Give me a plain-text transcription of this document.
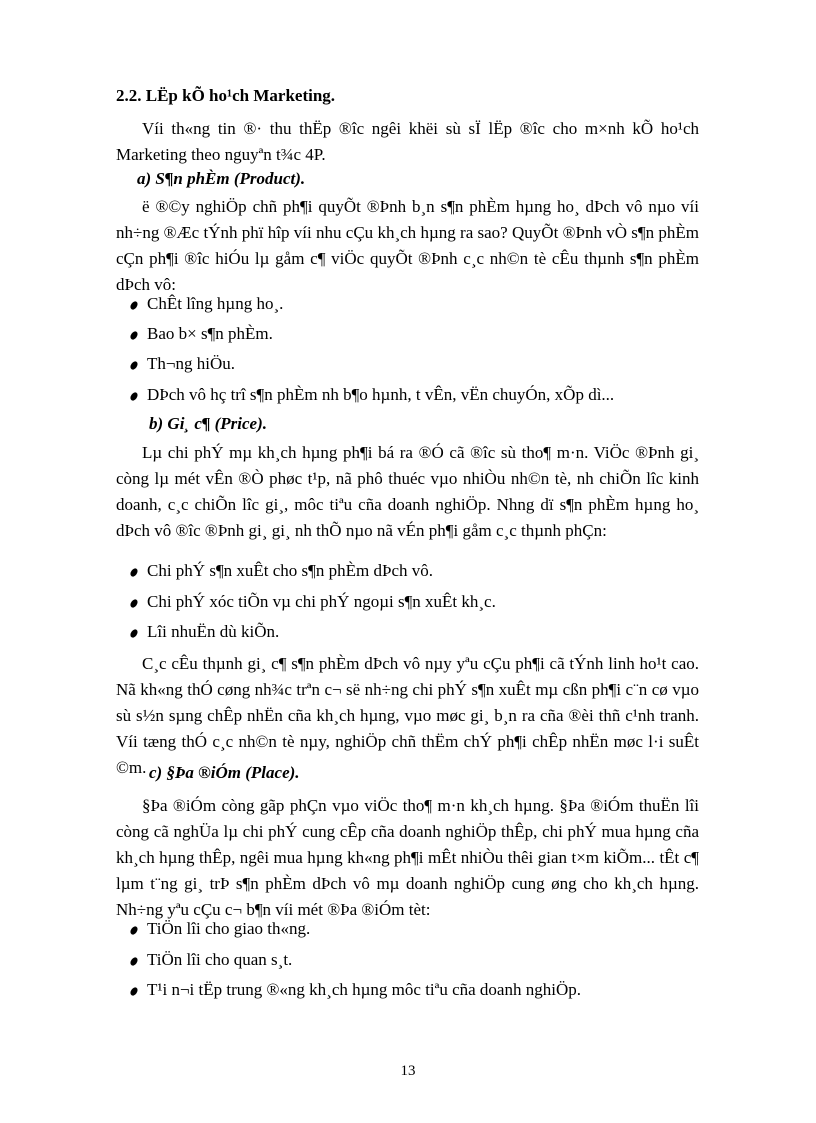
2.2. LËp kÕ ho¹ch Marketing.

Víi th«ng tin ®· thu thËp ®îc ngêi khëi sù sÏ lËp ®îc cho m×nh kÕ ho¹ch Marketing theo nguyªn t¾c 4P.

a) S¶n phÈm (Product).

ë ®©y nghiÖp chñ ph¶i quyÕt ®Þnh b¸n s¶n phÈm hµng ho¸ dÞch vô nµo víi nh÷ng ®Æc tÝnh phï hîp víi nhu cÇu kh¸ch hµng ra sao? QuyÕt ®Þnh vÒ s¶n phÈm cÇn ph¶i ®îc hiÓu lµ gåm c¶ viÖc quyÕt ®Þnh c¸c nh©n tè cÊu thµnh s¶n phÈm dÞch vô:

ChÊt lîng hµng ho¸.
Bao b× s¶n phÈm.
Th¬ng hiÖu.
DÞch vô hç trî s¶n phÈm nh b¶o hµnh, t vÊn, vËn chuyÓn, xÕp dì...

b) Gi¸ c¶ (Price).

Lµ chi phÝ mµ kh¸ch hµng ph¶i bá ra ®Ó cã ®îc sù tho¶ m·n. ViÖc ®Þnh gi¸ còng lµ mét vÊn ®Ò phøc t¹p, nã phô thuéc vµo nhiÒu nh©n tè, nh chiÕn lîc kinh doanh, c¸c chiÕn lîc gi¸, môc tiªu cña doanh nghiÖp. Nhng dï s¶n phÈm hµng ho¸ dÞch vô ®îc ®Þnh gi¸ gi¸ nh thÕ nµo nã vÉn ph¶i gåm c¸c thµnh phÇn:

Chi phÝ s¶n xuÊt cho s¶n phÈm dÞch vô.
Chi phÝ xóc tiÕn vµ chi phÝ ngoµi s¶n xuÊt kh¸c.
Lîi nhuËn dù kiÕn.

C¸c cÊu thµnh gi¸ c¶ s¶n phÈm dÞch vô nµy yªu cÇu ph¶i cã tÝnh linh ho¹t cao. Nã kh«ng thÓ cøng nh¾c trªn c¬ së nh÷ng chi phÝ s¶n xuÊt mµ cßn ph¶i c¨n cø vµo sù s½n sµng chÊp nhËn cña kh¸ch hµng, vµo møc gi¸ b¸n ra cña ®èi thñ c¹nh tranh. Víi tæng thÓ c¸c nh©n tè nµy, nghiÖp chñ thËm chÝ ph¶i chÊp nhËn møc l·i suÊt ©m. c) §Þa ®iÓm (Place).

§Þa ®iÓm còng gãp phÇn vµo viÖc tho¶ m·n kh¸ch hµng. §Þa ®iÓm thuËn lîi còng cã nghÜa lµ chi phÝ cung cÊp cña doanh nghiÖp thÊp, chi phÝ mua hµng cña kh¸ch hµng thÊp, ngêi mua hµng kh«ng ph¶i mÊt nhiÒu thêi gian t×m kiÕm... tÊt c¶ lµm t¨ng gi¸ trÞ s¶n phÈm dÞch vô mµ doanh nghiÖp cung øng cho kh¸ch hµng. Nh÷ng yªu cÇu c¬ b¶n víi mét ®Þa ®iÓm tèt:

TiÖn lîi cho giao th«ng.
TiÖn lîi cho quan s¸t.
T¹i n¬i tËp trung ®«ng kh¸ch hµng môc tiªu cña doanh nghiÖp.

13
